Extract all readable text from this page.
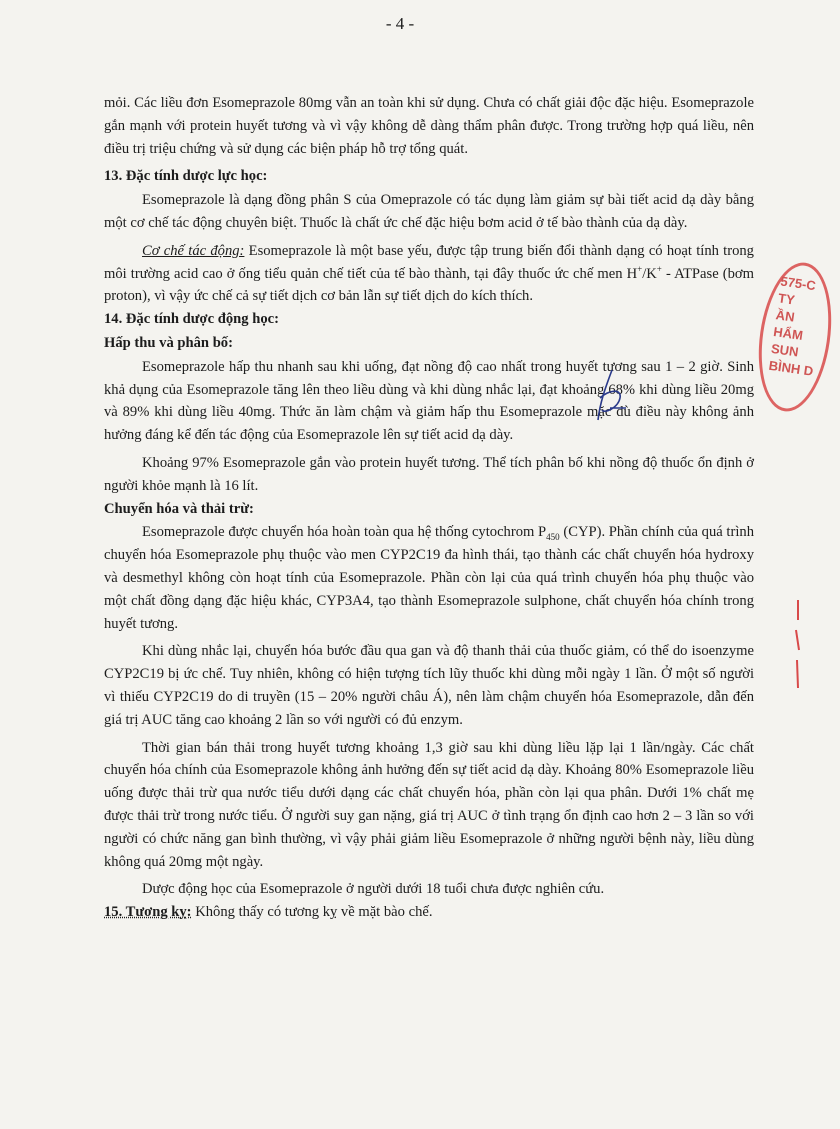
- 4 -

mỏi. Các liều đơn Esomeprazole 80mg vẫn an toàn khi sử dụng. Chưa có chất giải độc đặc hiệu. Esomeprazole gắn mạnh với protein huyết tương và vì vậy không dễ dàng thẩm phân được. Trong trường hợp quá liều, nên điều trị triệu chứng và sử dụng các biện pháp hỗ trợ tổng quát.

13. Đặc tính dược lực học:

Esomeprazole là dạng đồng phân S của Omeprazole có tác dụng làm giảm sự bài tiết acid dạ dày bằng một cơ chế tác động chuyên biệt. Thuốc là chất ức chế đặc hiệu bơm acid ở tế bào thành của dạ dày.

Cơ chế tác động: Esomeprazole là một base yếu, được tập trung biến đổi thành dạng có hoạt tính trong môi trường acid cao ở ống tiểu quản chế tiết của tế bào thành, tại đây thuốc ức chế men H+/K+ - ATPase (bơm proton), vì vậy ức chế cả sự tiết dịch cơ bản lẫn sự tiết dịch do kích thích.

14. Đặc tính dược động học:
Hấp thu và phân bố:

Esomeprazole hấp thu nhanh sau khi uống, đạt nồng độ cao nhất trong huyết tương sau 1 – 2 giờ. Sinh khả dụng của Esomeprazole tăng lên theo liều dùng và khi dùng nhắc lại, đạt khoảng 68% khi dùng liều 20mg và 89% khi dùng liều 40mg. Thức ăn làm chậm và giảm hấp thu Esomeprazole mặc dù điều này không ảnh hưởng đáng kể đến tác động của Esomeprazole lên sự tiết acid dạ dày.

Khoảng 97% Esomeprazole gắn vào protein huyết tương. Thể tích phân bố khi nồng độ thuốc ổn định ở người khỏe mạnh là 16 lít.

Chuyển hóa và thải trừ:

Esomeprazole được chuyển hóa hoàn toàn qua hệ thống cytochrom $P_{450}$ (CYP). Phần chính của quá trình chuyển hóa Esomeprazole phụ thuộc vào men CYP2C19 đa hình thái, tạo thành các chất chuyển hóa hydroxy và desmethyl không còn hoạt tính của Esomeprazole. Phần còn lại của quá trình chuyển hóa phụ thuộc vào một chất đồng dạng đặc hiệu khác, CYP3A4, tạo thành Esomeprazole sulphone, chất chuyển hóa chính trong huyết tương.

Khi dùng nhắc lại, chuyển hóa bước đầu qua gan và độ thanh thải của thuốc giảm, có thể do isoenzyme CYP2C19 bị ức chế. Tuy nhiên, không có hiện tượng tích lũy thuốc khi dùng mỗi ngày 1 lần. Ở một số người vì thiếu CYP2C19 do di truyền (15 – 20% người châu Á), nên làm chậm chuyển hóa Esomeprazole, dẫn đến giá trị AUC tăng cao khoảng 2 lần so với người có đủ enzym.

Thời gian bán thải trong huyết tương khoảng 1,3 giờ sau khi dùng liều lặp lại 1 lần/ngày. Các chất chuyển hóa chính của Esomeprazole không ảnh hưởng đến sự tiết acid dạ dày. Khoảng 80% Esomeprazole liều uống được thải trừ qua nước tiểu dưới dạng các chất chuyển hóa, phần còn lại qua phân. Dưới 1% chất mẹ được thải trừ trong nước tiểu. Ở người suy gan nặng, giá trị AUC ở tình trạng ổn định cao hơn 2 – 3 lần so với người có chức năng gan bình thường, vì vậy phải giảm liều Esomeprazole ở những người bệnh này, liều dùng không quá 20mg một ngày.

Dược động học của Esomeprazole ở người dưới 18 tuổi chưa được nghiên cứu.

15. Tương kỵ: Không thấy có tương kỵ về mặt bào chế.

575-C
TY
ẦN
HẨM
SUN
BÌNH D
